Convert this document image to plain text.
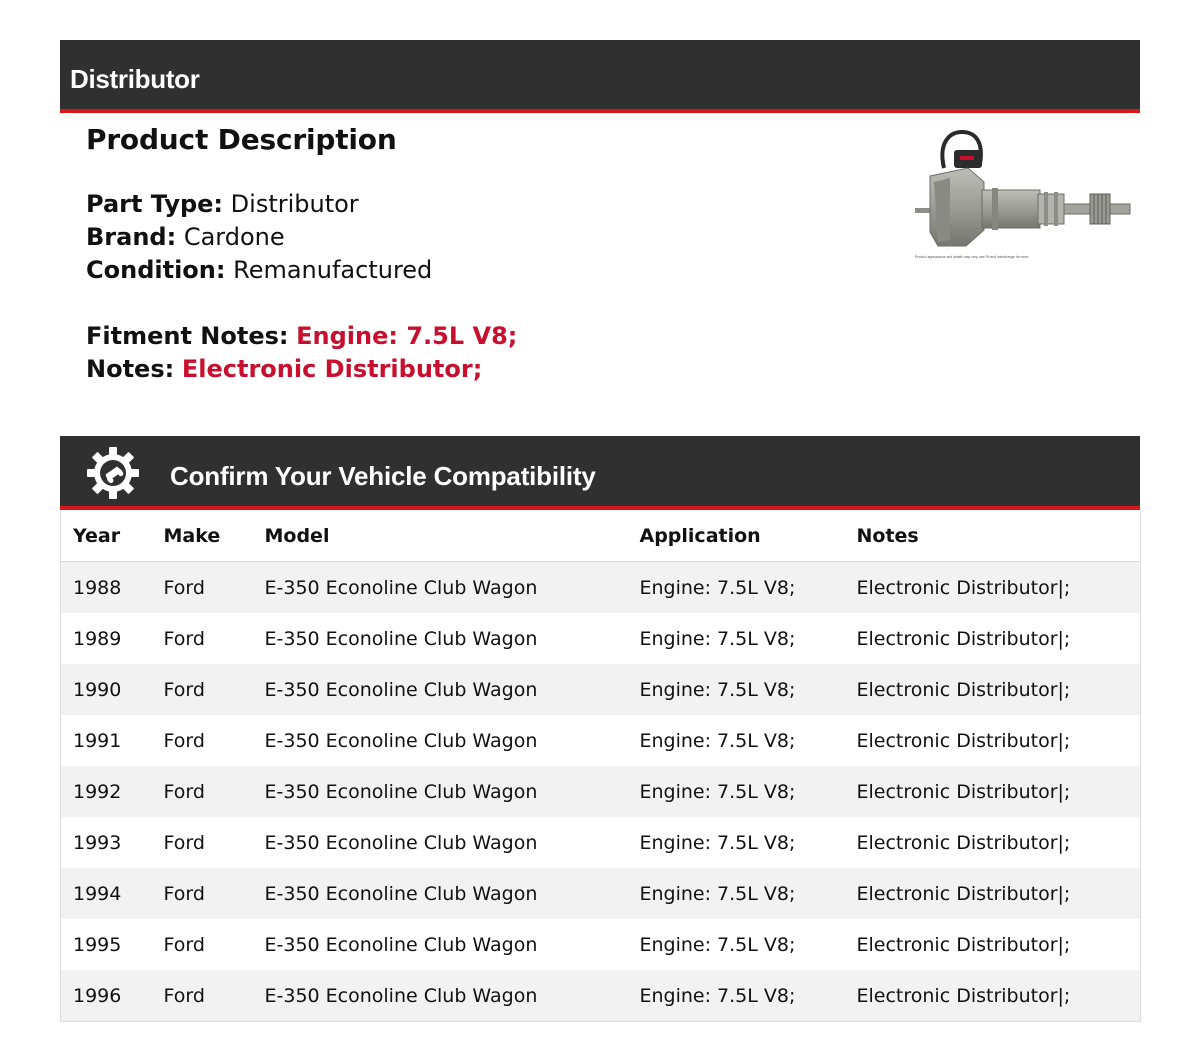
Distributor
Product Description
Part Type: Distributor
Brand: Cardone
Condition: Remanufactured
Fitment Notes: Engine: 7.5L V8;
Notes: Electronic Distributor;
Product appearance and details may vary, see Fit and Interchange for more
Confirm Your Vehicle Compatibility
Year	Make	Model	Application	Notes
1988	Ford	E-350 Econoline Club Wagon	Engine: 7.5L V8;	Electronic Distributor|;
1989	Ford	E-350 Econoline Club Wagon	Engine: 7.5L V8;	Electronic Distributor|;
1990	Ford	E-350 Econoline Club Wagon	Engine: 7.5L V8;	Electronic Distributor|;
1991	Ford	E-350 Econoline Club Wagon	Engine: 7.5L V8;	Electronic Distributor|;
1992	Ford	E-350 Econoline Club Wagon	Engine: 7.5L V8;	Electronic Distributor|;
1993	Ford	E-350 Econoline Club Wagon	Engine: 7.5L V8;	Electronic Distributor|;
1994	Ford	E-350 Econoline Club Wagon	Engine: 7.5L V8;	Electronic Distributor|;
1995	Ford	E-350 Econoline Club Wagon	Engine: 7.5L V8;	Electronic Distributor|;
1996	Ford	E-350 Econoline Club Wagon	Engine: 7.5L V8;	Electronic Distributor|;
